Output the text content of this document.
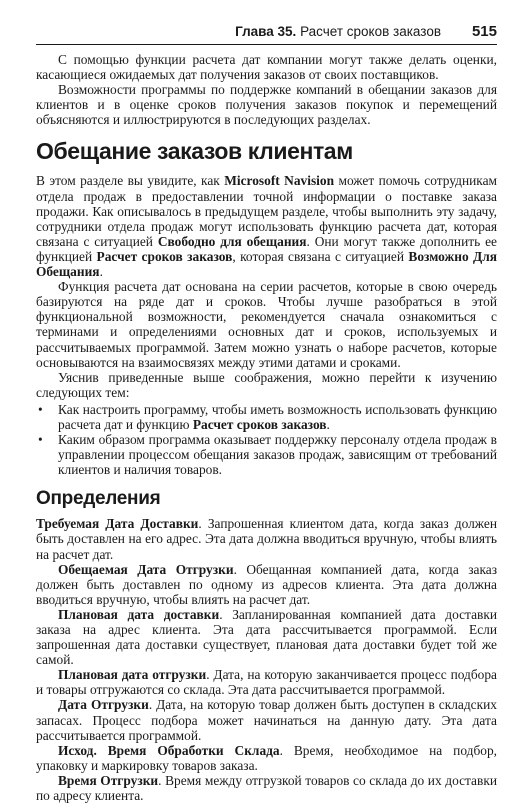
Глава 35. Расчет сроков заказов 515

С помощью функции расчета дат компании могут также делать оценки, касающиеся ожидаемых дат получения заказов от своих поставщиков.

Возможности программы по поддержке компаний в обещании заказов для клиентов и в оценке сроков получения заказов покупок и перемещений объясняются и иллюстрируются в последующих разделах.

Обещание заказов клиентам

В этом разделе вы увидите, как Microsoft Navision может помочь сотрудникам отдела продаж в предоставлении точной информации о поставке заказа продажи. Как описывалось в предыдущем разделе, чтобы выполнить эту задачу, сотрудники отдела продаж могут использовать функцию расчета дат, которая связана с ситуацией Свободно для обещания. Они могут также дополнить ее функцией Расчет сроков заказов, которая связана с ситуацией Возможно Для Обещания.

Функция расчета дат основана на серии расчетов, которые в свою очередь базируются на ряде дат и сроков. Чтобы лучше разобраться в этой функциональной возможности, рекомендуется сначала ознакомиться с терминами и определениями основных дат и сроков, используемых и рассчитываемых программой. Затем можно узнать о наборе расчетов, которые основываются на взаимосвязях между этими датами и сроками.

Уяснив приведенные выше соображения, можно перейти к изучению следующих тем:

• Как настроить программу, чтобы иметь возможность использовать функцию расчета дат и функцию Расчет сроков заказов.
• Каким образом программа оказывает поддержку персоналу отдела продаж в управлении процессом обещания заказов продаж, зависящим от требований клиентов и наличия товаров.
Определения

Требуемая Дата Доставки. Запрошенная клиентом дата, когда заказ должен быть доставлен на его адрес. Эта дата должна вводиться вручную, чтобы влиять на расчет дат.

Обещаемая Дата Отгрузки. Обещанная компанией дата, когда заказ должен быть доставлен по одному из адресов клиента. Эта дата должна вводиться вручную, чтобы влиять на расчет дат.

Плановая дата доставки. Запланированная компанией дата доставки заказа на адрес клиента. Эта дата рассчитывается программой. Если запрошенная дата доставки существует, плановая дата доставки будет той же самой.

Плановая дата отгрузки. Дата, на которую заканчивается процесс подбора и товары отгружаются со склада. Эта дата рассчитывается программой.

Дата Отгрузки. Дата, на которую товар должен быть доступен в складских запасах. Процесс подбора может начинаться на данную дату. Эта дата рассчитывается программой.

Исход. Время Обработки Склада. Время, необходимое на подбор, упаковку и маркировку товаров заказа.

Время Отгрузки. Время между отгрузкой товаров со склада до их доставки по адресу клиента.
